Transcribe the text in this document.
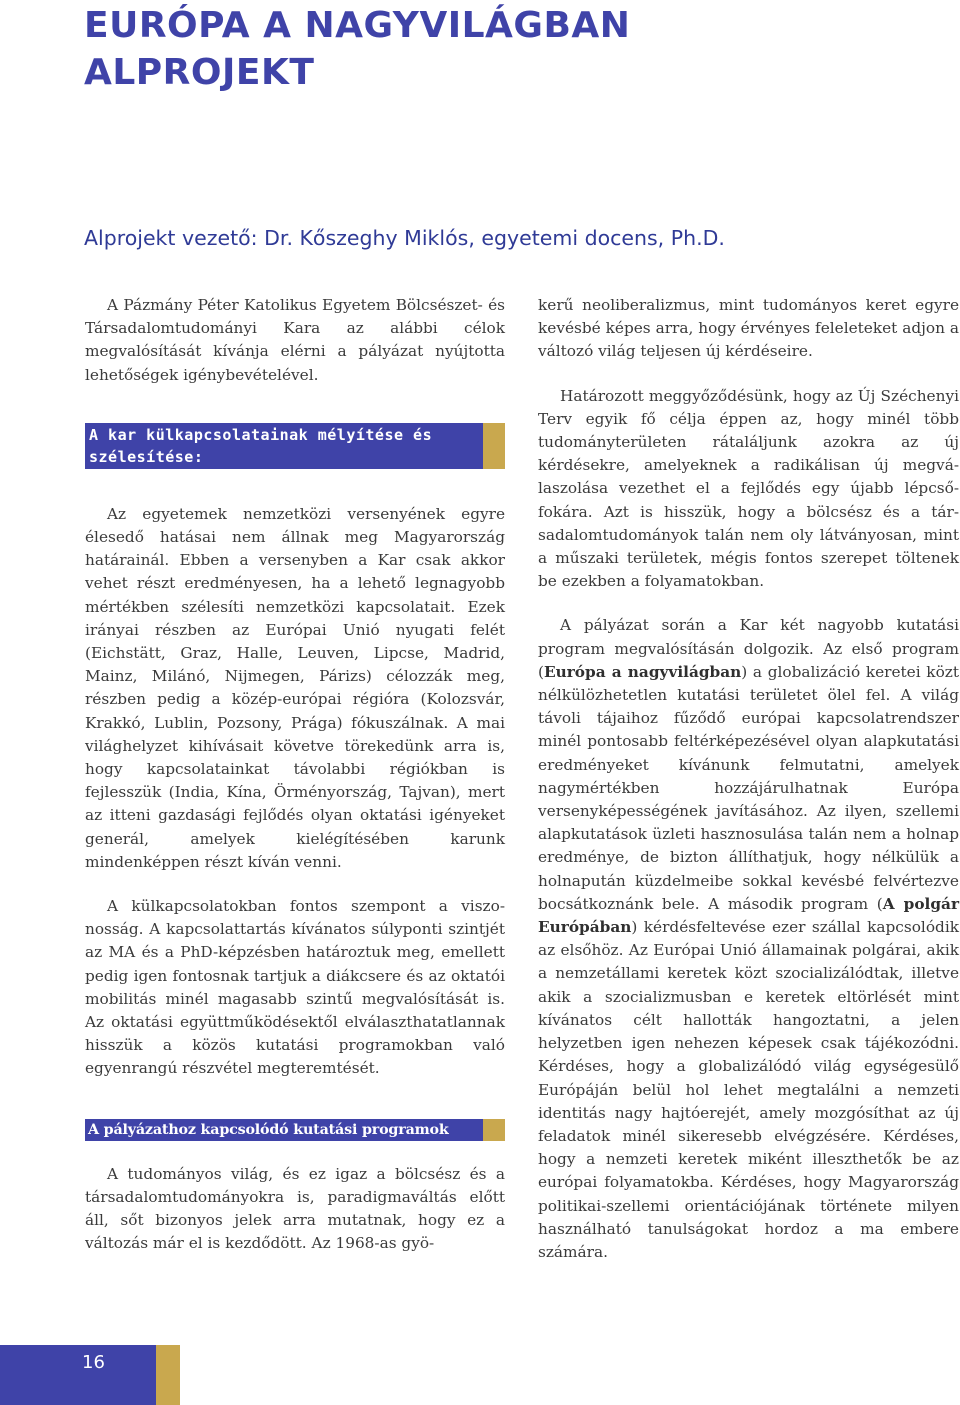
EURÓPA A NAGYVILÁGBAN
ALPROJEKT
Alprojekt vezető: Dr. Kőszeghy Miklós, egyetemi docens, Ph.D.

A Pázmány Péter Katolikus Egyetem Bölcsészet- és Társadalomtudományi Kara az alábbi célok megvalósítását kívánja elérni a pályázat nyújtotta lehetőségek igénybevételével.

A kar külkapcsolatainak mélyítése és szélesítése:

Az egyetemek nemzetközi versenyének egyre élesedő hatásai nem állnak meg Magyarország határainál. Ebben a versenyben a Kar csak akkor vehet részt eredményesen, ha a lehető legnagyobb mértékben szélesíti nemzetközi kapcsolatait. Ezek irányai részben az Európai Unió nyugati felét (Eichstätt, Graz, Halle, Leuven, Lipcse, Madrid, Mainz, Milánó, Nijmegen, Párizs) célozzák meg, részben pedig a közép-európai régióra (Kolozsvár, Krakkó, Lublin, Pozsony, Prága) fókuszálnak. A mai világhelyzet kihívásait követve törekedünk arra is, hogy kapcsolatainkat távolabbi régiókban is fejlesszük (India, Kína, Örményország, Tajvan), mert az itteni gazdasági fejlődés olyan oktatási igényeket generál, amelyek kielégítésében karunk mindenképpen részt kíván venni.

A külkapcsolatokban fontos szempont a viszonosság. A kapcsolattartás kívánatos súlyponti szintjét az MA és a PhD-képzésben határoztuk meg, emellett pedig igen fontosnak tartjuk a diákcsere és az oktatói mobilitás minél magasabb szintű megvalósítását is. Az oktatási együttműködésektől elválaszthatatlannak hisszük a közös kutatási programokban való egyenrangú részvétel megteremtését.

A pályázathoz kapcsolódó kutatási programok

A tudományos világ, és ez igaz a bölcsész és a társadalomtudományokra is, paradigmaváltás előtt áll, sőt bizonyos jelek arra mutatnak, hogy ez a változás már el is kezdődött. Az 1968-as gyö-

kerű neoliberalizmus, mint tudományos keret egyre kevésbé képes arra, hogy érvényes feleleteket adjon a változó világ teljesen új kérdéseire.

Határozott meggyőződésünk, hogy az Új Széchenyi Terv egyik fő célja éppen az, hogy minél több tudományterületen rátaláljunk azokra az új kérdésekre, amelyeknek a radikálisan új megválaszolása vezethet el a fejlődés egy újabb lépcsőfokára. Azt is hisszük, hogy a bölcsész és a társadalomtudományok talán nem oly látványosan, mint a műszaki területek, mégis fontos szerepet töltenek be ezekben a folyamatokban.

A pályázat során a Kar két nagyobb kutatási program megvalósításán dolgozik. Az első program (Európa a nagyvilágban) a globalizáció keretei közt nélkülözhetetlen kutatási területet ölel fel. A világ távoli tájaihoz fűződő európai kapcsolatrendszer minél pontosabb feltérképezésével olyan alapkutatási eredményeket kívánunk felmutatni, amelyek nagymértékben hozzájárulhatnak Európa versenyképességének javításához. Az ilyen, szellemi alapkutatások üzleti hasznosulása talán nem a holnap eredménye, de bizton állíthatjuk, hogy nélkülük a holnapután küzdelmeibe sokkal kevésbé felvértezve bocsátkoznánk bele. A második program (A polgár Európában) kérdésfeltevése ezer szállal kapcsolódik az elsőhöz. Az Európai Unió államainak polgárai, akik a nemzetállami keretek közt szocializálódtak, illetve akik a szocializmusban e keretek eltörlését mint kívánatos célt hallották hangoztatni, a jelen helyzetben igen nehezen képesek csak tájékozódni. Kérdéses, hogy a globalizálódó világ egységesülő Európáján belül hol lehet megtalálni a nemzeti identitás nagy hajtóerejét, amely mozgósíthat az új feladatok minél sikeresebb elvégzésére. Kérdéses, hogy a nemzeti keretek miként illeszthetők be az európai folyamatokba. Kérdéses, hogy Magyarország politikai-szellemi orientációjának története milyen használható tanulságokat hordoz a ma embere számára.

16
